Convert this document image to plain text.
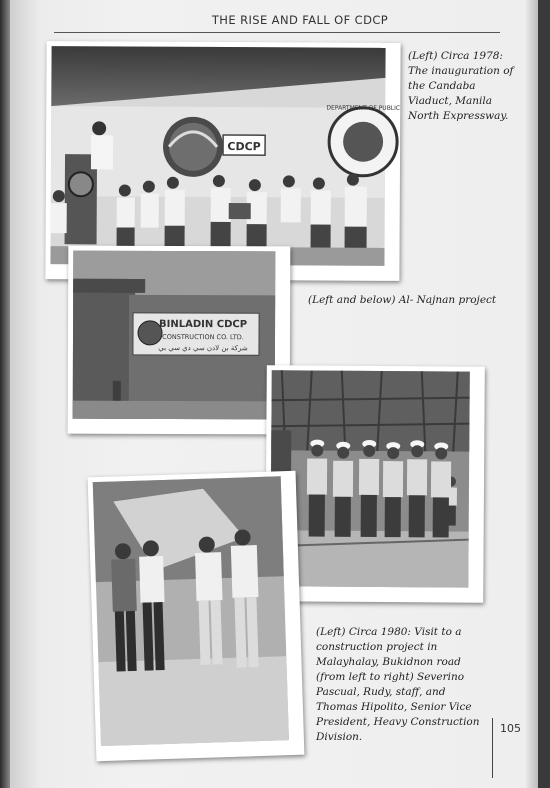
THE RISE AND FALL OF CDCP
CDCP
DEPARTMENT OF PUBLIC
BINLADIN CDCP
CONSTRUCTION CO. LTD.
شركة بن لادن سي دي سي بي
(Left) Circa 1978: The inauguration of the Candaba Viaduct, Manila North Expressway.
(Left and below) Al- Najnan project
(Left) Circa 1980: Visit to a construction project in Malayhalay, Bukidnon road (from left to right) Severino Pascual, Rudy, staff, and Thomas Hipolito, Senior Vice President, Heavy Construction Division.
105
